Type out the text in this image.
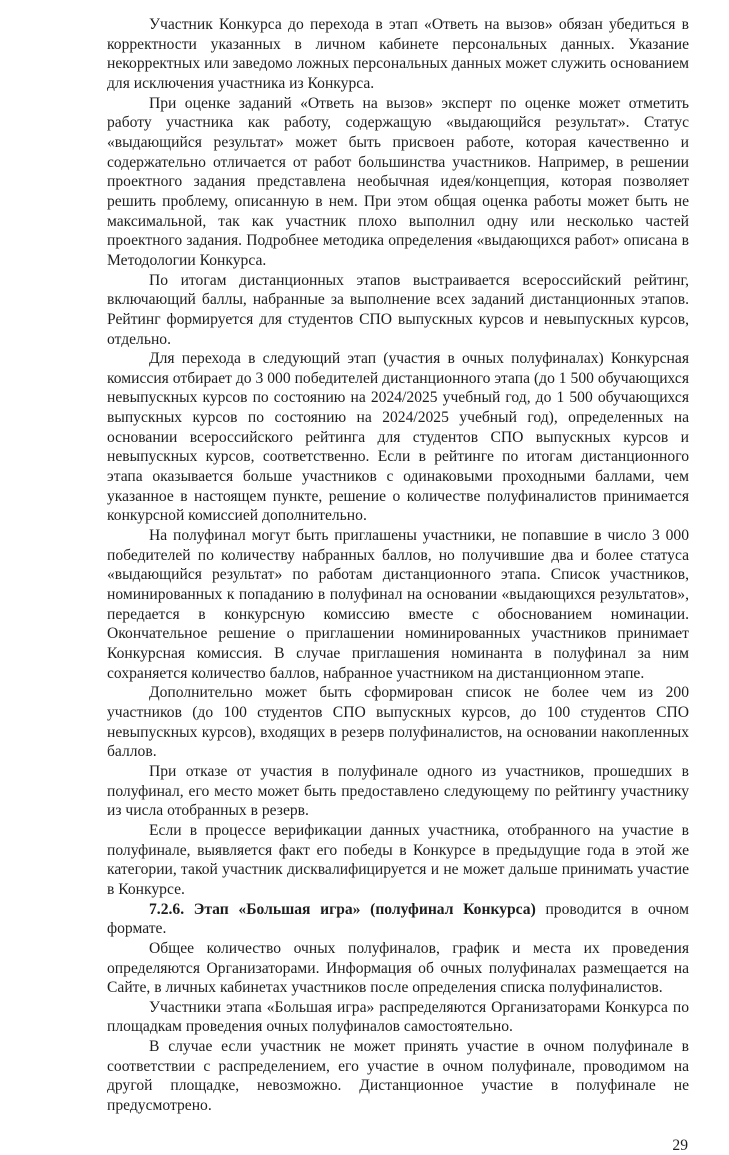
Участник Конкурса до перехода в этап «Ответь на вызов» обязан убедиться в корректности указанных в личном кабинете персональных данных. Указание некорректных или заведомо ложных персональных данных может служить основанием для исключения участника из Конкурса.

При оценке заданий «Ответь на вызов» эксперт по оценке может отметить работу участника как работу, содержащую «выдающийся результат». Статус «выдающийся результат» может быть присвоен работе, которая качественно и содержательно отличается от работ большинства участников. Например, в решении проектного задания представлена необычная идея/концепция, которая позволяет решить проблему, описанную в нем. При этом общая оценка работы может быть не максимальной, так как участник плохо выполнил одну или несколько частей проектного задания. Подробнее методика определения «выдающихся работ» описана в Методологии Конкурса.

По итогам дистанционных этапов выстраивается всероссийский рейтинг, включающий баллы, набранные за выполнение всех заданий дистанционных этапов. Рейтинг формируется для студентов СПО выпускных курсов и невыпускных курсов, отдельно.

Для перехода в следующий этап (участия в очных полуфиналах) Конкурсная комиссия отбирает до 3 000 победителей дистанционного этапа (до 1 500 обучающихся невыпускных курсов по состоянию на 2024/2025 учебный год, до 1 500 обучающихся выпускных курсов по состоянию на 2024/2025 учебный год), определенных на основании всероссийского рейтинга для студентов СПО выпускных курсов и невыпускных курсов, соответственно. Если в рейтинге по итогам дистанционного этапа оказывается больше участников с одинаковыми проходными баллами, чем указанное в настоящем пункте, решение о количестве полуфиналистов принимается конкурсной комиссией дополнительно.

На полуфинал могут быть приглашены участники, не попавшие в число 3 000 победителей по количеству набранных баллов, но получившие два и более статуса «выдающийся результат» по работам дистанционного этапа. Список участников, номинированных к попаданию в полуфинал на основании «выдающихся результатов», передается в конкурсную комиссию вместе с обоснованием номинации. Окончательное решение о приглашении номинированных участников принимает Конкурсная комиссия. В случае приглашения номинанта в полуфинал за ним сохраняется количество баллов, набранное участником на дистанционном этапе.

Дополнительно может быть сформирован список не более чем из 200 участников (до 100 студентов СПО выпускных курсов, до 100 студентов СПО невыпускных курсов), входящих в резерв полуфиналистов, на основании накопленных баллов.

При отказе от участия в полуфинале одного из участников, прошедших в полуфинал, его место может быть предоставлено следующему по рейтингу участнику из числа отобранных в резерв.

Если в процессе верификации данных участника, отобранного на участие в полуфинале, выявляется факт его победы в Конкурсе в предыдущие года в этой же категории, такой участник дисквалифицируется и не может дальше принимать участие в Конкурсе.

7.2.6. Этап «Большая игра» (полуфинал Конкурса) проводится в очном формате.

Общее количество очных полуфиналов, график и места их проведения определяются Организаторами. Информация об очных полуфиналах размещается на Сайте, в личных кабинетах участников после определения списка полуфиналистов.

Участники этапа «Большая игра» распределяются Организаторами Конкурса по площадкам проведения очных полуфиналов самостоятельно.

В случае если участник не может принять участие в очном полуфинале в соответствии с распределением, его участие в очном полуфинале, проводимом на другой площадке, невозможно. Дистанционное участие в полуфинале не предусмотрено.

29
